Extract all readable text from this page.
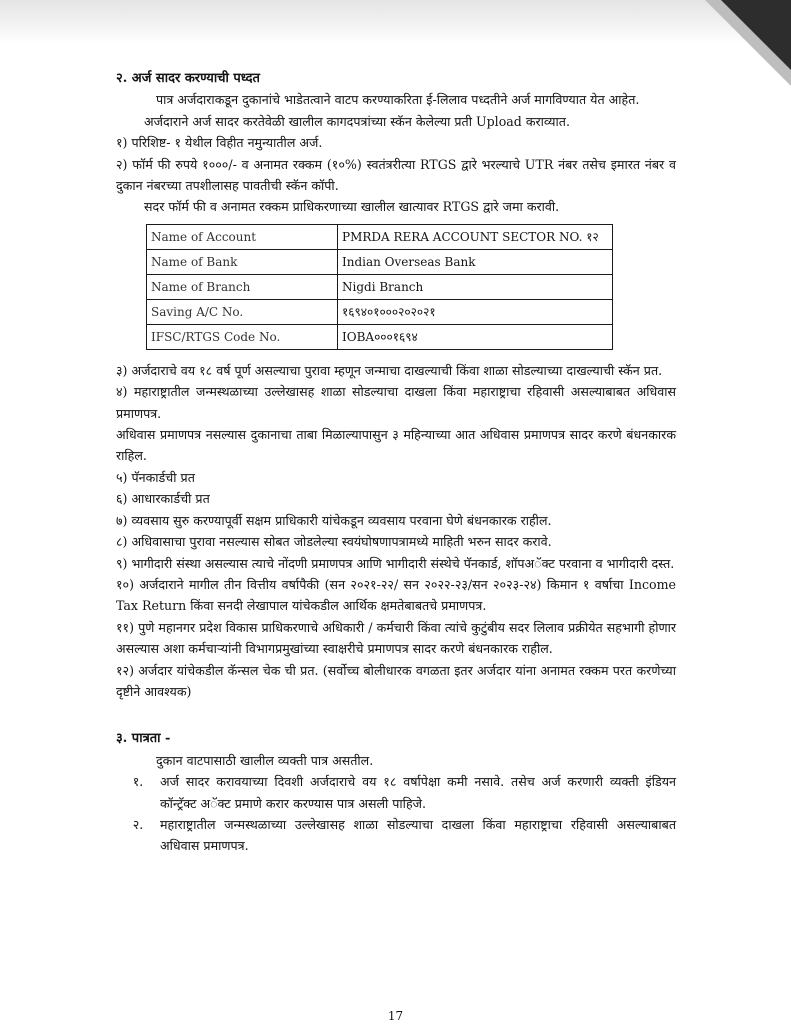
२. अर्ज सादर करण्याची पध्दत

पात्र अर्जदाराकडून दुकानांचे भाडेतत्वाने वाटप करण्याकरिता ई-लिलाव पध्दतीने अर्ज मागविण्यात येत आहेत.

अर्जदाराने अर्ज सादर करतेवेळी खालील कागदपत्रांच्या स्कॅन केलेल्या प्रती Upload कराव्यात.

१) परिशिष्ट- १ येथील विहीत नमुन्यातील अर्ज.

२) फॉर्म फी रुपये १०००/- व अनामत रक्कम (१०%) स्वतंत्ररीत्या RTGS द्वारे भरल्याचे UTR नंबर तसेच इमारत नंबर व दुकान नंबरच्या तपशीलासह पावतीची स्कॅन कॉपी.

सदर फॉर्म फी व अनामत रक्कम प्राधिकरणाच्या खालील खात्यावर RTGS द्वारे जमा करावी.

Name of Account	PMRDA RERA ACCOUNT SECTOR NO. १२
Name of Bank	Indian Overseas Bank
Name of Branch	Nigdi Branch
Saving A/C No.	१६९४०१०००२०२०२१
IFSC/RTGS Code No.	IOBA०००१६९४

३) अर्जदाराचे वय १८ वर्ष पूर्ण असल्याचा पुरावा म्हणून जन्माचा दाखल्याची किंवा शाळा सोडल्याच्या दाखल्याची स्कॅन प्रत.

४) महाराष्ट्रातील जन्मस्थळाच्या उल्लेखासह शाळा सोडल्याचा दाखला किंवा महाराष्ट्राचा रहिवासी असल्याबाबत अधिवास प्रमाणपत्र.

अधिवास प्रमाणपत्र नसल्यास दुकानाचा ताबा मिळाल्यापासुन ३ महिन्याच्या आत अधिवास प्रमाणपत्र सादर करणे बंधनकारक राहिल.

५) पॅनकार्डची प्रत

६) आधारकार्डची प्रत

७) व्यवसाय सुरु करण्यापूर्वी सक्षम प्राधिकारी यांचेकडून व्यवसाय परवाना घेणे बंधनकारक राहील.

८) अधिवासाचा पुरावा नसल्यास सोबत जोडलेल्या स्वयंघोषणापत्रामध्ये माहिती भरुन सादर करावे.

९) भागीदारी संस्था असल्यास त्याचे नोंदणी प्रमाणपत्र आणि भागीदारी संस्थेचे पॅनकार्ड, शॉपअॅक्ट परवाना व भागीदारी दस्त.

१०) अर्जदाराने मागील तीन वित्तीय वर्षापैकी (सन २०२१-२२/ सन २०२२-२३/सन २०२३-२४) किमान १ वर्षाचा Income Tax Return किंवा सनदी लेखापाल यांचेकडील आर्थिक क्षमतेबाबतचे प्रमाणपत्र.

११) पुणे महानगर प्रदेश विकास प्राधिकरणाचे अधिकारी / कर्मचारी किंवा त्यांचे कुटुंबीय सदर लिलाव प्रक्रीयेत सहभागी होणार असल्यास अशा कर्मचाऱ्यांनी विभागप्रमुखांच्या स्वाक्षरीचे प्रमाणपत्र सादर करणे बंधनकारक राहील.

१२) अर्जदार यांचेकडील कॅन्सल चेक ची प्रत. (सर्वोच्च बोलीधारक वगळता इतर अर्जदार यांना अनामत रक्कम परत करणेच्या दृष्टीने आवश्यक)

३. पात्रता -

दुकान वाटपासाठी खालील व्यक्ती पात्र असतील.

१.	अर्ज सादर करावयाच्या दिवशी अर्जदाराचे वय १८ वर्षापेक्षा कमी नसावे. तसेच अर्ज करणारी व्यक्ती इंडियन कॉन्ट्रॅक्ट अॅक्ट प्रमाणे करार करण्यास पात्र असली पाहिजे.

२.	महाराष्ट्रातील जन्मस्थळाच्या उल्लेखासह शाळा सोडल्याचा दाखला किंवा महाराष्ट्राचा रहिवासी असल्याबाबत अधिवास प्रमाणपत्र.

17
